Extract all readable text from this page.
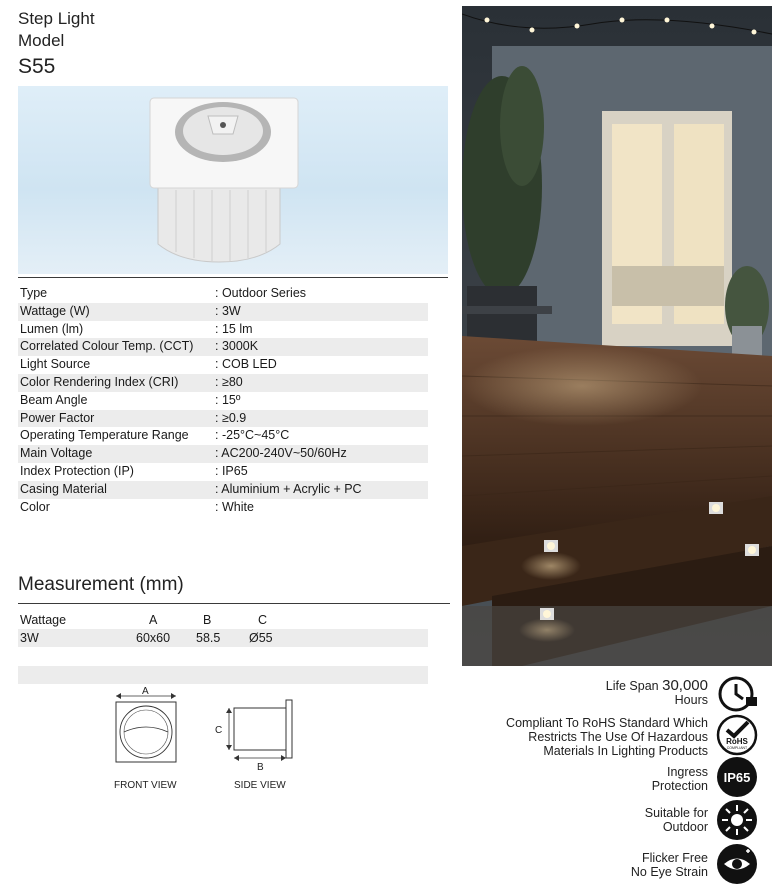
Step Light
Model
S55
Type	: Outdoor Series
Wattage (W)	: 3W
Lumen (lm)	: 15 lm
Correlated Colour Temp. (CCT)	: 3000K
Light Source	: COB LED
Color Rendering Index (CRI)	: ≥80
Beam Angle	: 15º
Power Factor	: ≥0.9
Operating Temperature Range	: -25°C~45°C
Main Voltage	: AC200-240V~50/60Hz
Index Protection (IP)	: IP65
Casing Material	: Aluminium + Acrylic + PC
Color	: White
Measurement (mm)
Wattage	A	B	C
3W	60x60 58.5 Ø55
A
FRONT VIEW
C
B
SIDE VIEW
Life Span 30,000
Hours
Compliant To RoHS Standard Which
Restricts The Use Of Hazardous
Materials In Lighting Products
RoHS
COMPLIANT
Ingress
Protection
IP65
Suitable for
Outdoor
Flicker Free
No Eye Strain
